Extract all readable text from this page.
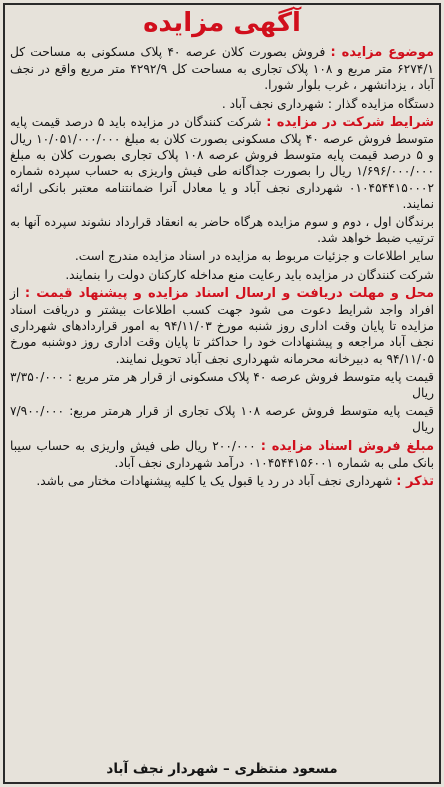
آگهی مزایده

موضوع مزایده : فروش بصورت کلان عرصه ۴۰ پلاک مسکونی به مساحت کل ۶۲۷۴/۱ متر مربع و ۱۰۸ پلاک تجاری به مساحت کل ۴۲۹۲/۹ متر مربع واقع در نجف آباد ، یزدانشهر ، غرب بلوار شورا.

دستگاه مزایده گذار : شهرداری نجف آباد .

شرایط شرکت در مزایده : شرکت کنندگان در مزایده باید ۵ درصد قیمت پایه متوسط فروش عرصه ۴۰ پلاک مسکونی بصورت کلان به مبلغ ۱۰/۰۵۱/۰۰۰/۰۰۰ ریال و ۵ درصد قیمت پایه متوسط فروش عرصه ۱۰۸ پلاک تجاری بصورت کلان به مبلغ ۱/۶۹۶/۰۰۰/۰۰۰ ریال را بصورت جداگانه طی فیش واریزی به حساب سپرده شماره ۰۱۰۴۵۴۴۱۵۰۰۰۲ شهرداری نجف آباد و یا معادل آنرا ضمانتنامه معتبر بانکی ارائه نمایند.

برندگان اول ، دوم و سوم مزایده هرگاه حاضر به انعقاد قرارداد نشوند سپرده آنها به ترتیب ضبط خواهد شد.

سایر اطلاعات و جزئیات مربوط به مزایده در اسناد مزایده مندرج است.

شرکت کنندگان در مزایده باید رعایت منع مداخله کارکنان دولت را بنمایند.

محل و مهلت دریافت و ارسال اسناد مزایده و پیشنهاد قیمت : از افراد واجد شرایط دعوت می شود جهت کسب اطلاعات بیشتر و دریافت اسناد مزایده تا پایان وقت اداری روز شنبه مورخ ۹۴/۱۱/۰۳ به امور قراردادهای شهرداری نجف آباد مراجعه و پیشنهادات خود را حداکثر تا پایان وقت اداری روز دوشنبه مورخ ۹۴/۱۱/۰۵ به دبیرخانه محرمانه شهرداری نجف آباد تحویل نمایند.

قیمت پایه متوسط فروش عرصه ۴۰ پلاک مسکونی از قرار هر متر مربع : ۳/۳۵۰/۰۰۰ ریال

قیمت پایه متوسط فروش عرصه ۱۰۸ پلاک تجاری از قرار هرمتر مربع: ۷/۹۰۰/۰۰۰ ریال

مبلغ فروش اسناد مزایده : ۲۰۰/۰۰۰ ریال طی فیش واریزی به حساب سیبا بانک ملی به شماره ۰۱۰۴۵۴۴۱۵۶۰۰۱ درآمد شهرداری نجف آباد.

تذکر : شهرداری نجف آباد در رد یا قبول یک یا کلیه پیشنهادات مختار می باشد.

مسعود منتظری – شهردار نجف آباد
